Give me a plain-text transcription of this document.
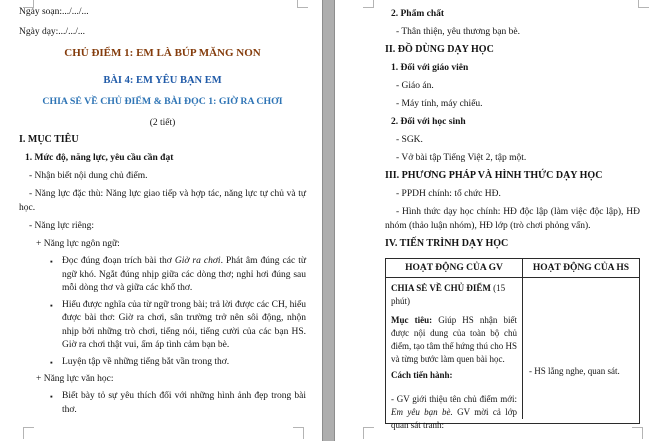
Ngày soạn:.../.../...

Ngày dạy:.../.../...

CHỦ ĐIỂM 1: EM LÀ BÚP MĂNG NON

BÀI 4: EM YÊU BẠN EM

CHIA SẺ VỀ CHỦ ĐIỂM & BÀI ĐỌC 1: GIỜ RA CHƠI

(2 tiết)

I. MỤC TIÊU

1. Mức độ, năng lực, yêu cầu cần đạt

- Nhận biết nội dung chủ điểm.

- Năng lực đặc thù: Năng lực giao tiếp và hợp tác, năng lực tự chủ và tự học.

- Năng lực riêng:

+ Năng lực ngôn ngữ:

▪ Đọc đúng đoạn trích bài thơ Giờ ra chơi. Phát âm đúng các từ ngữ khó. Ngắt đúng nhịp giữa các dòng thơ; nghỉ hơi đúng sau mỗi dòng thơ và giữa các khổ thơ.
▪ Hiểu được nghĩa của từ ngữ trong bài; trả lời được các CH, hiểu được bài thơ: Giờ ra chơi, sân trường trở nên sôi động, nhộn nhịp bởi những trò chơi, tiếng nói, tiếng cười của các bạn HS. Giờ ra chơi thật vui, ấm áp tình cảm bạn bè.
▪ Luyện tập về những tiếng bắt vần trong thơ.

+ Năng lực văn học:

▪ Biết bày tỏ sự yêu thích đối với những hình ảnh đẹp trong bài thơ.

2. Phẩm chất

- Thân thiện, yêu thương bạn bè.

II. ĐỒ DÙNG DẠY HỌC

1. Đối với giáo viên

- Giáo án.

- Máy tính, máy chiếu.

2. Đối với học sinh

- SGK.

- Vở bài tập Tiếng Việt 2, tập một.

III. PHƯƠNG PHÁP VÀ HÌNH THỨC DẠY HỌC

- PPDH chính: tổ chức HĐ.

- Hình thức dạy học chính: HĐ độc lập (làm việc độc lập), HĐ nhóm (thảo luận nhóm), HĐ lớp (trò chơi phỏng vấn).

IV. TIẾN TRÌNH DẠY HỌC

HOẠT ĐỘNG CỦA GV	HOẠT ĐỘNG CỦA HS

CHIA SẺ VỀ CHỦ ĐIỂM (15 phút)

Mục tiêu: Giúp HS nhận biết được nội dung của toàn bộ chủ điểm, tạo tâm thế hứng thú cho HS và từng bước làm quen bài học.

Cách tiến hành:

- GV giới thiệu tên chủ điểm mới: Em yêu bạn bè. GV mời cả lớp quan sát tranh:

- HS lắng nghe, quan sát.
